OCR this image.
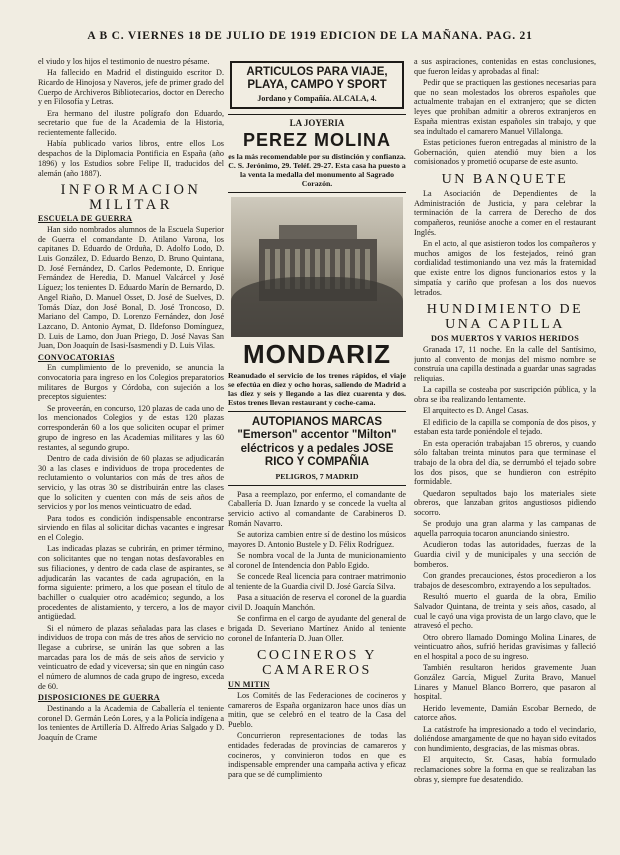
A B C. VIERNES 18 DE JULIO DE 1919 EDICION DE LA MAÑANA. PAG. 21

el viudo y los hijos el testimonio de nuestro pésame.

Ha fallecido en Madrid el distinguido escritor D. Ricardo de Hinojosa y Naveros, jefe de primer grado del Cuerpo de Archiveros Bibliotecarios, doctor en Derecho y en Filosofía y Letras.

Era hermano del ilustre polígrafo don Eduardo, secretario que fue de la Academia de la Historia, recientemente fallecido.

Había publicado varios libros, entre ellos Los despachos de la Diplomacia Pontificia en España (año 1896) y los Estudios sobre Felipe II, traducidos del alemán (año 1887).

INFORMACION MILITAR
ESCUELA DE GUERRA

Han sido nombrados alumnos de la Escuela Superior de Guerra el comandante D. Atilano Varona, los capitanes D. Eduardo de Orduña, D. Adolfo Lodo, D. Luis González, D. Eduardo Benzo, D. Bruno Quintana, D. José Fernández, D. Carlos Pedemonte, D. Enrique Fernández de Heredia, D. Manuel Valcárcel y José Líguez; los tenientes D. Eduardo Marín de Bernardo, D. Angel Riaño, D. Manuel Osset, D. José de Suelves, D. Tomás Díaz, don José Bonal, D. José Troncoso, D. Mariano del Campo, D. Lorenzo Fernández, don José Lazcano, D. Antonio Aymat, D. Ildefonso Domínguez, D. Luis de Lamo, don Juan Priego, D. José Navas San Juan, Don Joaquín de Isasi-Isasmendi y D. Luis Vilas.

CONVOCATORIAS

En cumplimiento de lo prevenido, se anuncia la convocatoria para ingreso en los Colegios preparatorios militares de Burgos y Córdoba, con sujeción a los preceptos siguientes:

Se proveerán, en concurso, 120 plazas de cada uno de los mencionados Colegios y de estas 120 plazas corresponderán 60 a los que soliciten ocupar el primer grupo de ingreso en las Academias militares y las 60 restantes, al segundo grupo.

Dentro de cada división de 60 plazas se adjudicarán 30 a las clases e individuos de tropa procedentes de reclutamiento o voluntarios con más de tres años de servicio, y las otras 30 se distribuirán entre las clases que lo soliciten y cuenten con más de seis años de servicios y por los menos veinticuatro de edad.

Para todos es condición indispensable encontrarse sirviendo en filas al solicitar dichas vacantes e ingresar en el Colegio.

Las indicadas plazas se cubrirán, en primer término, con solicitantes que no tengan notas desfavorables en sus filiaciones, y dentro de cada clase de aspirantes, se adjudicarán las vacantes de cada agrupación, en la forma siguiente: primero, a los que posean el título de bachiller o cualquier otro académico; segundo, a los procedentes de alistamiento, y tercero, a los de mayor antigüedad.

Si el número de plazas señaladas para las clases e individuos de tropa con más de tres años de servicio no llegase a cubrirse, se unirán las que sobren a las marcadas para los de más de seis años de servicio y veinticuatro de edad y viceversa; sin que en ningún caso el número de alumnos de cada grupo de ingreso, exceda de 60.

DISPOSICIONES DE GUERRA

Destinando a la Academia de Caballería el teniente coronel D. Germán León Lores, y a la Policía indígena a los tenientes de Artillería D. Alfredo Arias Salgado y D. Joaquín de Crame

ARTICULOS PARA VIAJE, PLAYA, CAMPO Y SPORT
Jordano y Compañía. ALCALA, 4.
LA JOYERIA
PEREZ MOLINA
es la más recomendable por su distinción y confianza. C. S. Jerónimo, 29. Teléf. 29-27. Esta casa ha puesto a la venta la medalla del monumento al Sagrado Corazón.
MONDARIZ
Reanudado el servicio de los trenes rápidos, el viaje se efectúa en diez y ocho horas, saliendo de Madrid a las diez y seis y llegando a las diez cuarenta y dos. Estos trenes llevan restaurant y coche-cama.
AUTOPIANOS MARCAS "Emerson" accentor "Milton" eléctricos y a pedales JOSE RICO Y COMPAÑIA
PELIGROS, 7 MADRID

Pasa a reemplazo, por enfermo, el comandante de Caballería D. Juan Iznardo y se concede la vuelta al servicio activo al comandante de Carabineros D. Román Navarro.

Se autoriza cambien entre sí de destino los músicos mayores D. Antonio Bustele y D. Félix Rodríguez.

Se nombra vocal de la Junta de municionamiento al coronel de Intendencia don Pablo Egido.

Se concede Real licencia para contraer matrimonio al teniente de la Guardia civil D. José García Silva.

Pasa a situación de reserva el coronel de la guardia civil D. Joaquín Manchón.

Se confirma en el cargo de ayudante del general de brigada D. Severiano Martínez Anido al teniente coronel de Infantería D. Juan Oller.

COCINEROS Y CAMAREROS
UN MITIN

Los Comités de las Federaciones de cocineros y camareros de España organizaron hace unos días un mitin, que se celebró en el teatro de la Casa del Pueblo.

Concurrieron representaciones de todas las entidades federadas de provincias de camareros y cocineros, y convinieron todos en que es indispensable emprender una campaña activa y eficaz para que se dé cumplimiento

a sus aspiraciones, contenidas en estas conclusiones, que fueron leídas y aprobadas al final:

Pedir que se practiquen las gestiones necesarias para que no sean molestados los obreros españoles que actualmente trabajan en el extranjero; que se dicten leyes que prohiban admitir a obreros extranjeros en España mientras existan españoles sin trabajo, y que sea indultado el camarero Manuel Villalonga.

Estas peticiones fueron entregadas al ministro de la Gobernación, quien atendió muy bien a los comisionados y prometió ocuparse de este asunto.

UN BANQUETE

La Asociación de Dependientes de la Administración de Justicia, y para celebrar la terminación de la carrera de Derecho de dos compañeros, reunióse anoche a comer en el restaurant Inglés.

En el acto, al que asistieron todos los compañeros y muchos amigos de los festejados, reinó gran cordialidad testimoniando una vez más la fraternidad que existe entre los dignos funcionarios estos y la simpatía y cariño que profesan a los dos nuevos letrados.

HUNDIMIENTO DE UNA CAPILLA
DOS MUERTOS Y VARIOS HERIDOS

Granada 17, 11 noche. En la calle del Santísimo, junto al convento de monjas del mismo nombre se construía una capilla destinada a guardar unas sagradas reliquias.

La capilla se costeaba por suscripción pública, y la obra se iba realizando lentamente.

El arquitecto es D. Angel Casas.

El edificio de la capilla se componía de dos pisos, y estaban esta tarde poniéndole el tejado.

En esta operación trabajaban 15 obreros, y cuando sólo faltaban treinta minutos para que terminase el trabajo de la obra del día, se derrumbó el tejado sobre los dos pisos, que se hundieron con estrépito formidable.

Quedaron sepultados bajo los materiales siete obreros, que lanzaban gritos angustiosos pidiendo socorro.

Se produjo una gran alarma y las campanas de aquella parroquia tocaron anunciando siniestro.

Acudieron todas las autoridades, fuerzas de la Guardia civil y de municipales y una sección de bomberos.

Con grandes precauciones, éstos procedieron a los trabajos de desescombro, extrayendo a los sepultados.

Resultó muerto el guarda de la obra, Emilio Salvador Quintana, de treinta y seis años, casado, al cual le cayó una viga provista de un largo clavo, que le atravesó el pecho.

Otro obrero llamado Domingo Molina Linares, de veinticuatro años, sufrió heridas gravísimas y falleció en el hospital a poco de su ingreso.

También resultaron heridos gravemente Juan González García, Miguel Zurita Bravo, Manuel Linares y Manuel Blanco Borrero, que pasaron al hospital.

Herido levemente, Damián Escobar Bernedo, de catorce años.

La catástrofe ha impresionado a todo el vecindario, doliéndose amargamente de que no hayan sido evitados con hundimiento, desgracias, de las mismas obras.

El arquitecto, Sr. Casas, había formulado reclamaciones sobre la forma en que se realizaban las obras y, siempre fue desatendido.
